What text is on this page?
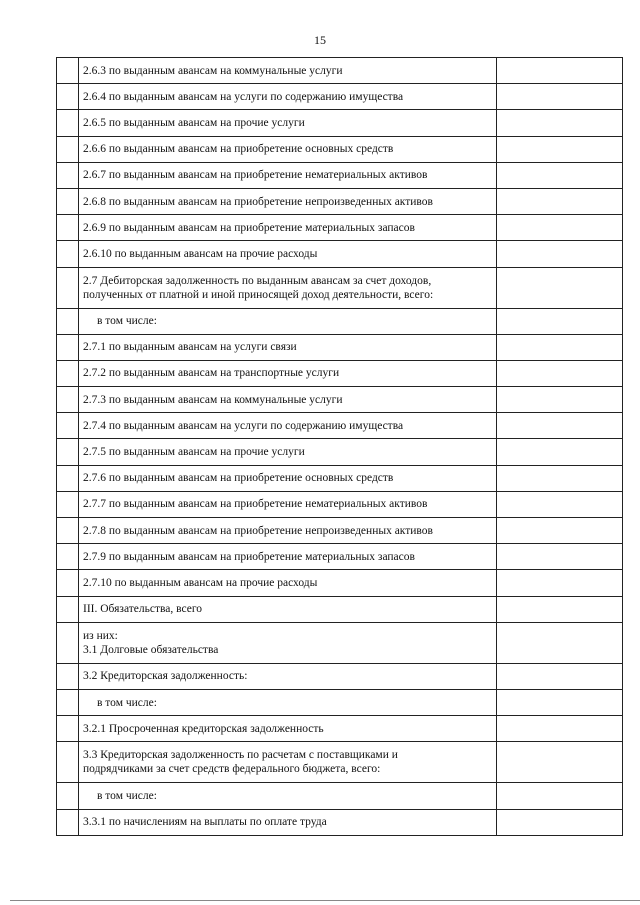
15
	2.6.3 по выданным авансам на коммунальные услуги	
	2.6.4 по выданным авансам на услуги по содержанию имущества	
	2.6.5 по выданным авансам на прочие услуги	
	2.6.6 по выданным авансам на приобретение основных средств	
	2.6.7 по выданным авансам на приобретение нематериальных активов	
	2.6.8 по выданным авансам на приобретение непроизведенных активов	
	2.6.9 по выданным авансам на приобретение материальных запасов	
	2.6.10 по выданным авансам на прочие расходы	
	2.7 Дебиторская задолженность по выданным авансам за счет доходов,
полученных от платной и иной приносящей доход деятельности, всего:	
	в том числе:	
	2.7.1 по выданным авансам на услуги связи	
	2.7.2 по выданным авансам на транспортные услуги	
	2.7.3 по выданным авансам на коммунальные услуги	
	2.7.4 по выданным авансам на услуги по содержанию имущества	
	2.7.5 по выданным авансам на прочие услуги	
	2.7.6 по выданным авансам на приобретение основных средств	
	2.7.7 по выданным авансам на приобретение нематериальных активов	
	2.7.8 по выданным авансам на приобретение непроизведенных активов	
	2.7.9 по выданным авансам на приобретение материальных запасов	
	2.7.10 по выданным авансам на прочие расходы	
	III. Обязательства, всего	
	из них:
3.1 Долговые обязательства	
	3.2 Кредиторская задолженность:	
	в том числе:	
	3.2.1 Просроченная кредиторская задолженность	
	3.3 Кредиторская задолженность по расчетам с поставщиками и
подрядчиками за счет средств федерального бюджета, всего:	
	в том числе:	
	3.3.1 по начислениям на выплаты по оплате труда	
